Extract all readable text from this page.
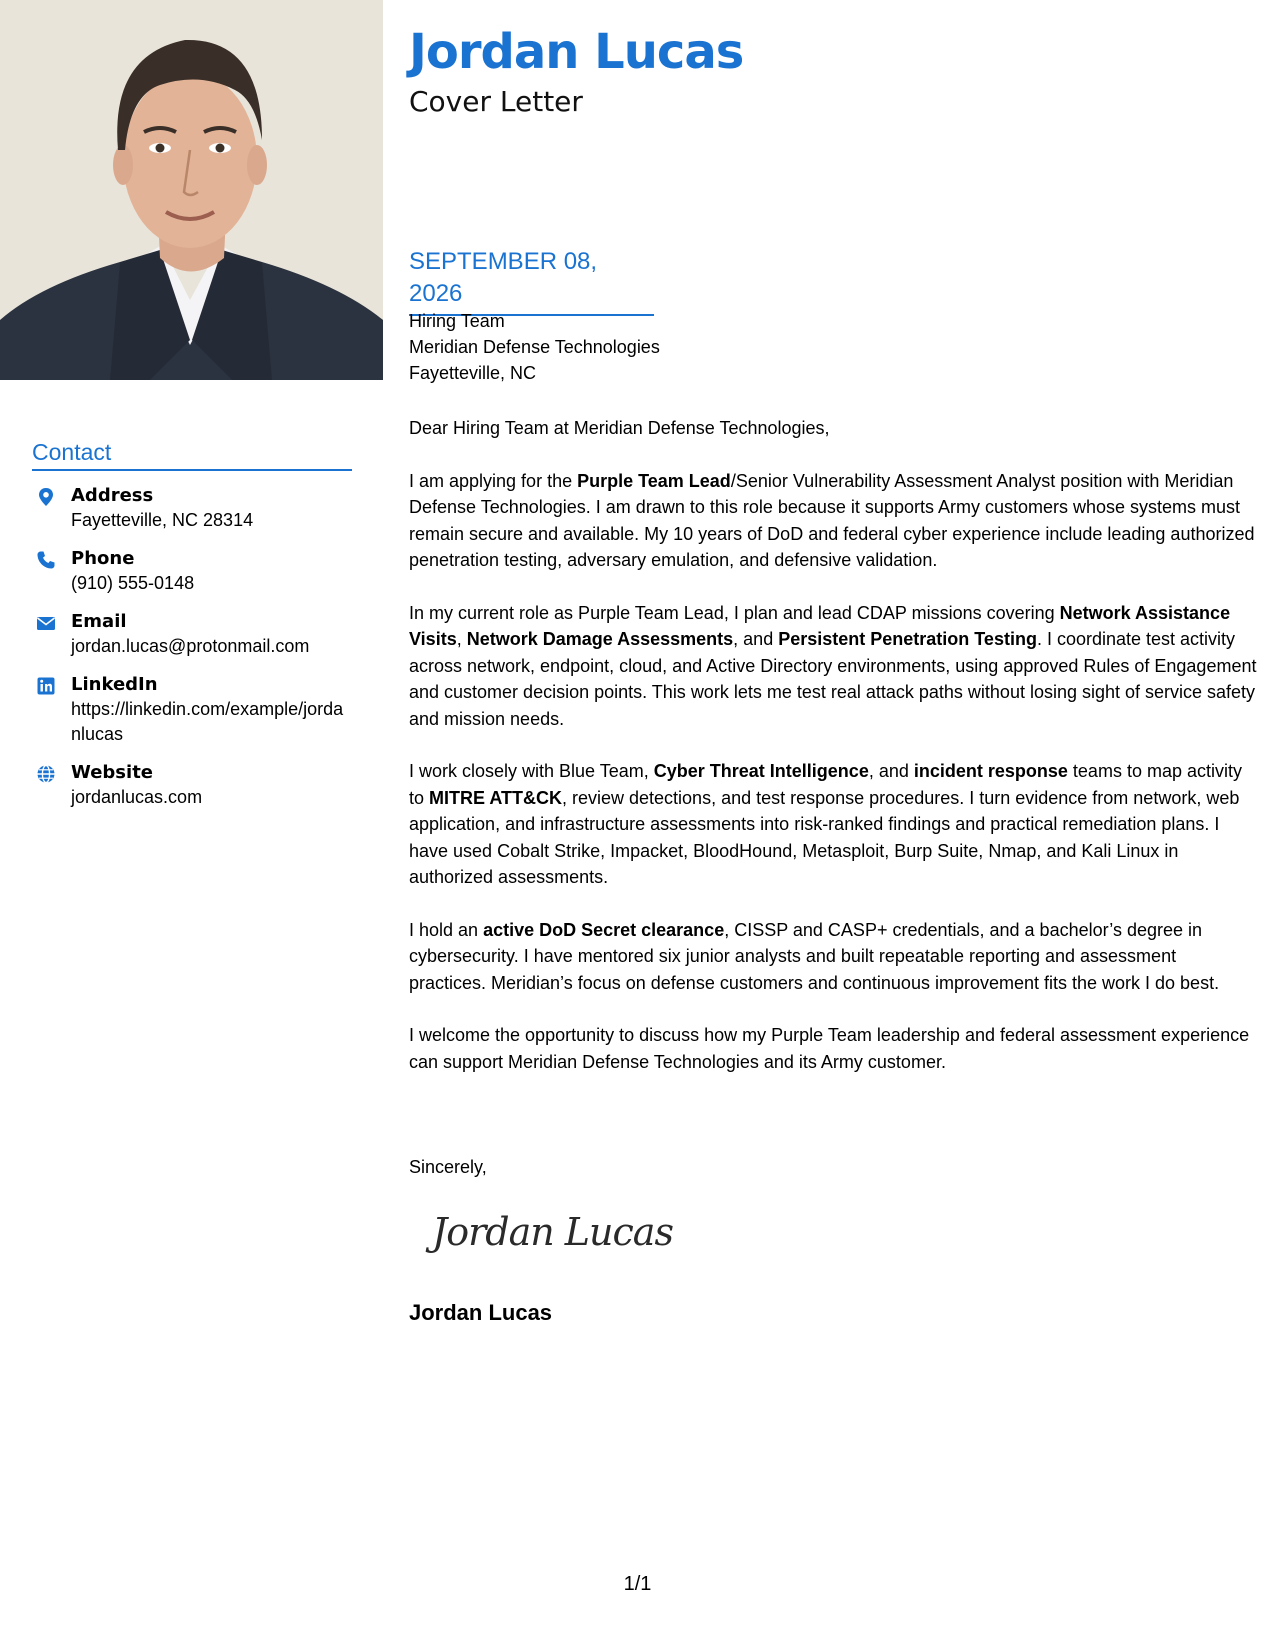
Jordan Lucas
Cover Letter
SEPTEMBER 08, 2026
Hiring Team
Meridian Defense Technologies
Fayetteville, NC

Dear Hiring Team at Meridian Defense Technologies,

I am applying for the Purple Team Lead/Senior Vulnerability Assessment Analyst position with Meridian Defense Technologies. I am drawn to this role because it supports Army customers whose systems must remain secure and available. My 10 years of DoD and federal cyber experience include leading authorized penetration testing, adversary emulation, and defensive validation.

In my current role as Purple Team Lead, I plan and lead CDAP missions covering Network Assistance Visits, Network Damage Assessments, and Persistent Penetration Testing. I coordinate test activity across network, endpoint, cloud, and Active Directory environments, using approved Rules of Engagement and customer decision points. This work lets me test real attack paths without losing sight of service safety and mission needs.

I work closely with Blue Team, Cyber Threat Intelligence, and incident response teams to map activity to MITRE ATT&CK, review detections, and test response procedures. I turn evidence from network, web application, and infrastructure assessments into risk-ranked findings and practical remediation plans. I have used Cobalt Strike, Impacket, BloodHound, Metasploit, Burp Suite, Nmap, and Kali Linux in authorized assessments.

I hold an active DoD Secret clearance, CISSP and CASP+ credentials, and a bachelor’s degree in cybersecurity. I have mentored six junior analysts and built repeatable reporting and assessment practices. Meridian’s focus on defense customers and continuous improvement fits the work I do best.

I welcome the opportunity to discuss how my Purple Team leadership and federal assessment experience can support Meridian Defense Technologies and its Army customer.

Sincerely,
Jordan Lucas
Jordan Lucas
Contact
Address
Fayetteville, NC 28314
Phone
(910) 555-0148
Email
jordan.lucas@protonmail.com
LinkedIn
https://linkedin.com/example/jordanlucas
Website
jordanlucas.com
1/1
